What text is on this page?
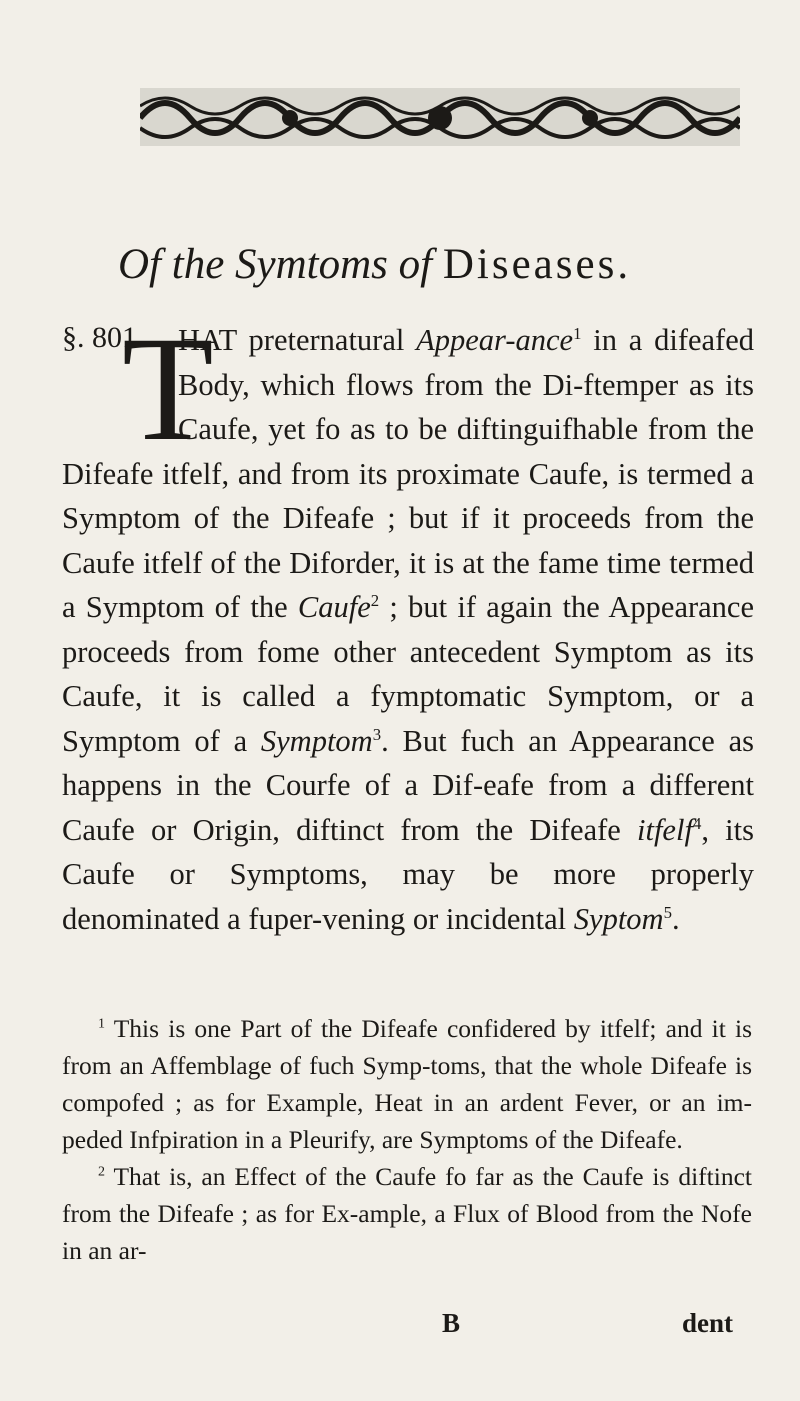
Of the Symtoms of Diseases.
§. 801.
T
HAT preternatural Appear-ance$^1$ in a difeafed Body, which flows from the Di-ftemper as its Caufe, yet fo as to be diftinguifhable from the Difeafe itfelf, and from its proximate Caufe, is termed a Symptom of the Difeafe ; but if it proceeds from the Caufe itfelf of the Diforder, it is at the fame time termed a Symptom of the Caufe$^2$ ; but if again the Appearance proceeds from fome other antecedent Symptom as its Caufe, it is called a fymptomatic Symptom, or a Symptom of a Symptom$^3$. But fuch an Appearance as happens in the Courfe of a Dif-eafe from a different Caufe or Origin, diftinct from the Difeafe itfelf$^4$, its Caufe or Symptoms, may be more properly denominated a fuper-vening or incidental Syptom$^5$.

$^1$ This is one Part of the Difeafe confidered by itfelf; and it is from an Affemblage of fuch Symp-toms, that the whole Difeafe is compofed ; as for Example, Heat in an ardent Fever, or an im-peded Infpiration in a Pleurify, are Symptoms of the Difeafe.

$^2$ That is, an Effect of the Caufe fo far as the Caufe is diftinct from the Difeafe ; as for Ex-ample, a Flux of Blood from the Nofe in an ar-

B	dent
